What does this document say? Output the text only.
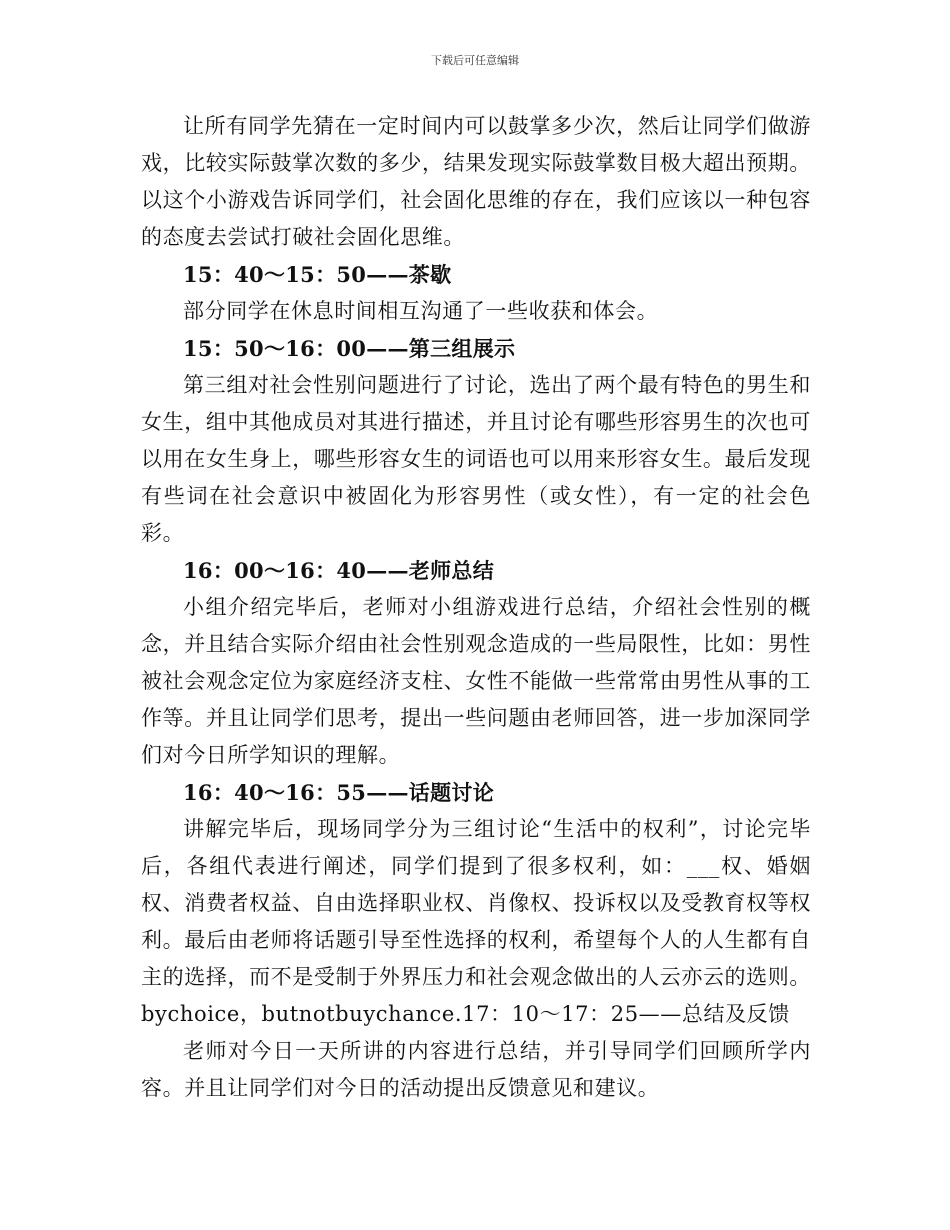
下载后可任意编辑

让所有同学先猜在一定时间内可以鼓掌多少次，然后让同学们做游戏，比较实际鼓掌次数的多少，结果发现实际鼓掌数目极大超出预期。以这个小游戏告诉同学们，社会固化思维的存在，我们应该以一种包容的态度去尝试打破社会固化思维。

15：40～15：50——茶歇

部分同学在休息时间相互沟通了一些收获和体会。

15：50～16：00——第三组展示

第三组对社会性别问题进行了讨论，选出了两个最有特色的男生和女生，组中其他成员对其进行描述，并且讨论有哪些形容男生的次也可以用在女生身上，哪些形容女生的词语也可以用来形容女生。最后发现有些词在社会意识中被固化为形容男性（或女性），有一定的社会色彩。

16：00～16：40——老师总结

小组介绍完毕后，老师对小组游戏进行总结，介绍社会性别的概念，并且结合实际介绍由社会性别观念造成的一些局限性，比如：男性被社会观念定位为家庭经济支柱、女性不能做一些常常由男性从事的工作等。并且让同学们思考，提出一些问题由老师回答，进一步加深同学们对今日所学知识的理解。

16：40～16：55——话题讨论

讲解完毕后，现场同学分为三组讨论“生活中的权利”，讨论完毕后，各组代表进行阐述，同学们提到了很多权利，如：___权、婚姻权、消费者权益、自由选择职业权、肖像权、投诉权以及受教育权等权利。最后由老师将话题引导至性选择的权利，希望每个人的人生都有自主的选择，而不是受制于外界压力和社会观念做出的人云亦云的选则。bychoice，butnotbuychance.17：10～17：25——总结及反馈

老师对今日一天所讲的内容进行总结，并引导同学们回顾所学内容。并且让同学们对今日的活动提出反馈意见和建议。
